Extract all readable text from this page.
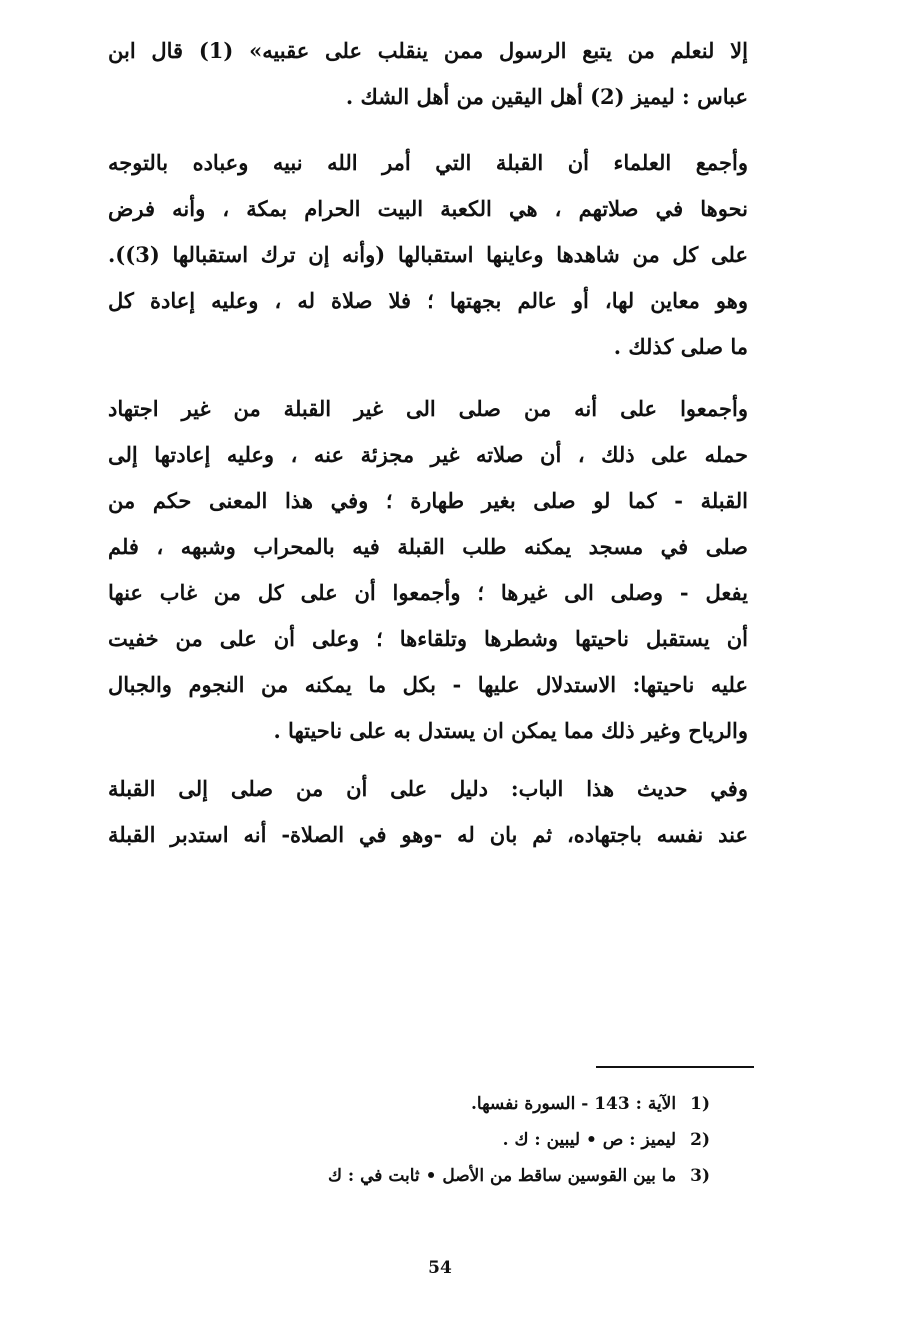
إلا لنعلم من يتبع الرسول ممن ينقلب على عقبيه» (1) قال ابن
عباس : ليميز (2) أهل اليقين من أهل الشك .
وأجمع العلماء أن القبلة التي أمر الله نبيه وعباده بالتوجه
نحوها في صلاتهم ، هي الكعبة البيت الحرام بمكة ، وأنه فرض
على كل من شاهدها وعاينها استقبالها (وأنه إن ترك استقبالها (3)).
وهو معاين لها، أو عالم بجهتها ؛ فلا صلاة له ، وعليه إعادة كل
ما صلى كذلك .
وأجمعوا على أنه من صلى الى غير القبلة من غير اجتهاد
حمله على ذلك ، أن صلاته غير مجزئة عنه ، وعليه إعادتها إلى
القبلة - كما لو صلى بغير طهارة ؛ وفي هذا المعنى حكم من
صلى في مسجد يمكنه طلب القبلة فيه بالمحراب وشبهه ، فلم
يفعل - وصلى الى غيرها ؛ وأجمعوا أن على كل من غاب عنها
أن يستقبل ناحيتها وشطرها وتلقاءها ؛ وعلى أن على من خفيت
عليه ناحيتها: الاستدلال عليها - بكل ما يمكنه من النجوم والجبال
والرياح وغير ذلك مما يمكن ان يستدل به على ناحيتها .
وفي حديث هذا الباب: دليل على أن من صلى إلى القبلة
عند نفسه باجتهاده، ثم بان له -وهو في الصلاة- أنه استدبر القبلة
(1الآية : 143 - السورة نفسها.
(2ليميز : ص • ليبين : ك .
(3ما بين القوسين ساقط من الأصل • ثابت في : ك
54
